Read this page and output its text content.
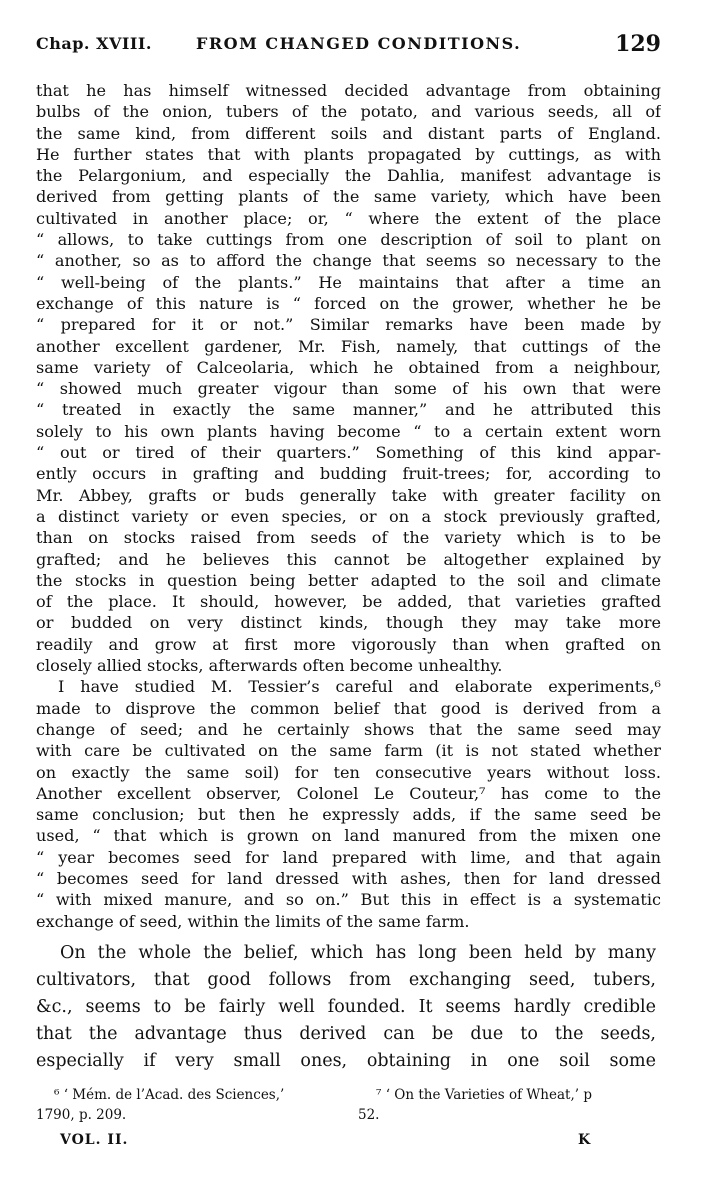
Chap. XVIII.	FROM CHANGED CONDITIONS.	129
that he has himself witnessed decided advantage from obtaining
bulbs of the onion, tubers of the potato, and various seeds, all of
the same kind, from different soils and distant parts of England.
He further states that with plants propagated by cuttings, as with
the Pelargonium, and especially the Dahlia, manifest advantage is
derived from getting plants of the same variety, which have been
cultivated in another place; or, “ where the extent of the place
“ allows, to take cuttings from one description of soil to plant on
“ another, so as to afford the change that seems so necessary to the
“ well-being of the plants.” He maintains that after a time an
exchange of this nature is “ forced on the grower, whether he be
“ prepared for it or not.” Similar remarks have been made by
another excellent gardener, Mr. Fish, namely, that cuttings of the
same variety of Calceolaria, which he obtained from a neighbour,
“ showed much greater vigour than some of his own that were
“ treated in exactly the same manner,” and he attributed this
solely to his own plants having become “ to a certain extent worn
“ out or tired of their quarters.” Something of this kind appar-
ently occurs in grafting and budding fruit-trees; for, according to
Mr. Abbey, grafts or buds generally take with greater facility on
a distinct variety or even species, or on a stock previously grafted,
than on stocks raised from seeds of the variety which is to be
grafted; and he believes this cannot be altogether explained by
the stocks in question being better adapted to the soil and climate
of the place. It should, however, be added, that varieties grafted
or budded on very distinct kinds, though they may take more
readily and grow at first more vigorously than when grafted on
closely allied stocks, afterwards often become unhealthy.
I have studied M. Tessier’s careful and elaborate experiments,⁶
made to disprove the common belief that good is derived from a
change of seed; and he certainly shows that the same seed may
with care be cultivated on the same farm (it is not stated whether
on exactly the same soil) for ten consecutive years without loss.
Another excellent observer, Colonel Le Couteur,⁷ has come to the
same conclusion; but then he expressly adds, if the same seed be
used, “ that which is grown on land manured from the mixen one
“ year becomes seed for land prepared with lime, and that again
“ becomes seed for land dressed with ashes, then for land dressed
“ with mixed manure, and so on.” But this in effect is a systematic
exchange of seed, within the limits of the same farm.
On the whole the belief, which has long been held by many
cultivators, that good follows from exchanging seed, tubers,
&c., seems to be fairly well founded. It seems hardly credible
that the advantage thus derived can be due to the seeds,
especially if very small ones, obtaining in one soil some
⁶ ‘ Mém. de l’Acad. des Sciences,’
1790, p. 209.
⁷ ‘ On the Varieties of Wheat,’ p
52.
VOL. II.	K
